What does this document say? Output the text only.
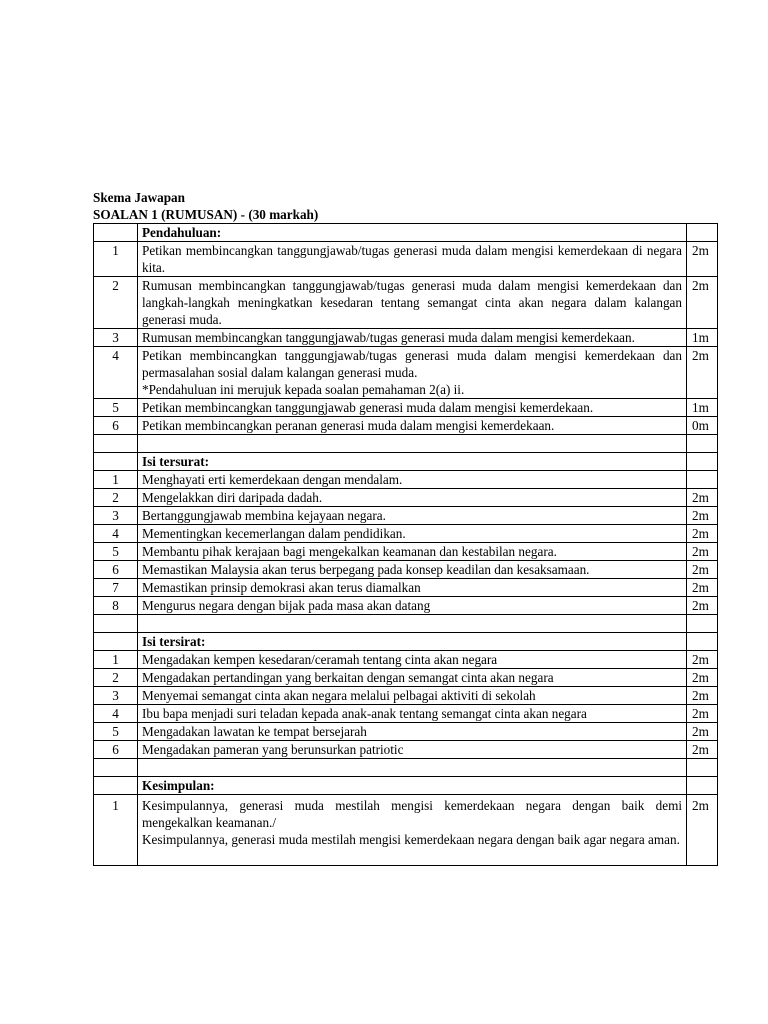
Skema Jawapan
SOALAN 1 (RUMUSAN) - (30 markah)
	Pendahuluan:	
1	Petikan membincangkan tanggungjawab/tugas generasi muda dalam mengisi kemerdekaan di negara kita.	2m
2	Rumusan membincangkan tanggungjawab/tugas generasi muda dalam mengisi kemerdekaan dan langkah-langkah meningkatkan kesedaran tentang semangat cinta akan negara dalam kalangan generasi muda.	2m
3	Rumusan membincangkan tanggungjawab/tugas generasi muda dalam mengisi kemerdekaan.	1m
4	Petikan membincangkan tanggungjawab/tugas generasi muda dalam mengisi kemerdekaan dan permasalahan sosial dalam kalangan generasi muda.
*Pendahuluan ini merujuk kepada soalan pemahaman 2(a) ii.	2m
5	Petikan membincangkan tanggungjawab generasi muda dalam mengisi kemerdekaan.	1m
6	Petikan membincangkan peranan generasi muda dalam mengisi kemerdekaan.	0m

	Isi tersurat:	
1	Menghayati erti kemerdekaan dengan mendalam.	
2	Mengelakkan diri daripada dadah.	2m
3	Bertanggungjawab membina kejayaan negara.	2m
4	Mementingkan kecemerlangan dalam pendidikan.	2m
5	Membantu pihak kerajaan bagi mengekalkan keamanan dan kestabilan negara.	2m
6	Memastikan Malaysia akan terus berpegang pada konsep keadilan dan kesaksamaan.	2m
7	Memastikan prinsip demokrasi akan terus diamalkan	2m
8	Mengurus negara dengan bijak pada masa akan datang	2m

	Isi tersirat:	
1	Mengadakan kempen kesedaran/ceramah tentang cinta akan negara	2m
2	Mengadakan pertandingan yang berkaitan dengan semangat cinta akan negara	2m
3	Menyemai semangat cinta akan negara melalui pelbagai aktiviti di sekolah	2m
4	Ibu bapa menjadi suri teladan kepada anak-anak tentang semangat cinta akan negara	2m
5	Mengadakan lawatan ke tempat bersejarah	2m
6	Mengadakan pameran yang berunsurkan patriotic	2m

	Kesimpulan:	
1	Kesimpulannya, generasi muda mestilah mengisi kemerdekaan negara dengan baik demi mengekalkan keamanan./
Kesimpulannya, generasi muda mestilah mengisi kemerdekaan negara dengan baik agar negara aman.	2m
